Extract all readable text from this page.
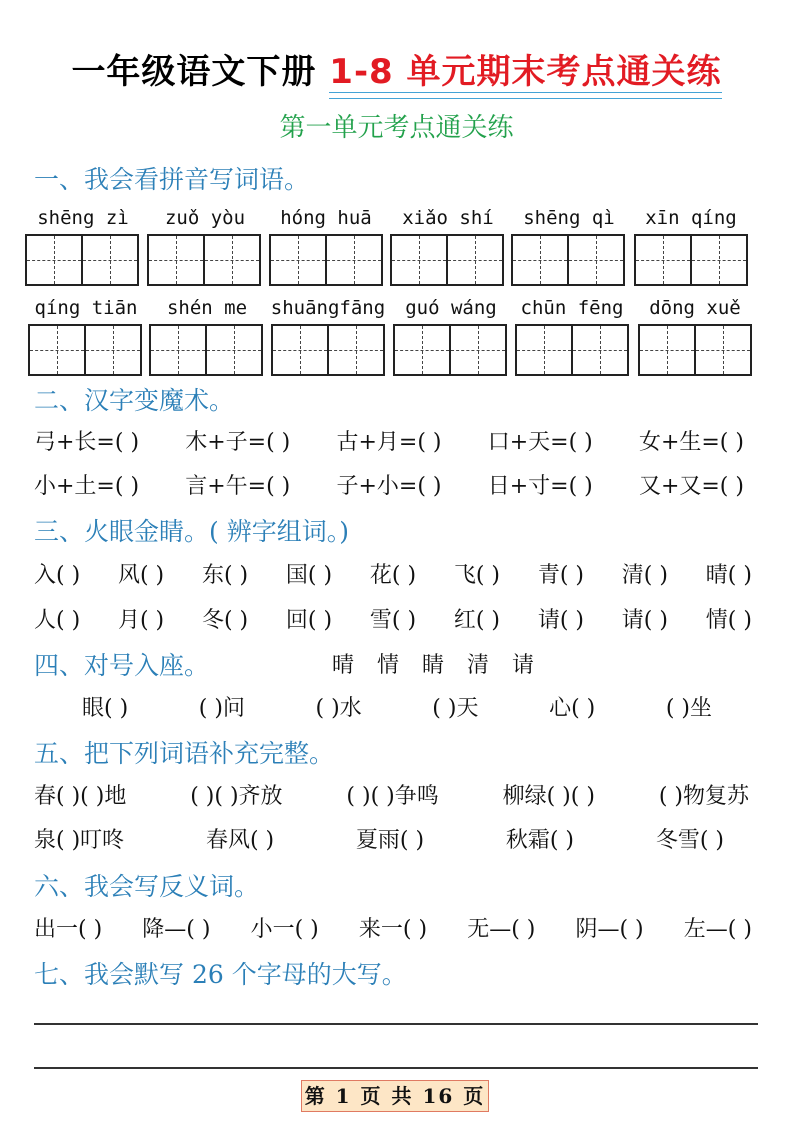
一年级语文下册 1-8 单元期末考点通关练
第一单元考点通关练
一、我会看拼音写词语。
shēng zì	zuǒ yòu	hóng huā	xiǎo shí	shēng qì	xīn qíng
qíng tiān	shén me	shuāngfāng	guó wáng	chūn fēng	dōng xuě
二、汉字变魔术。
弓+长=( ) 木+子=( ) 古+月=( ) 口+天=( ) 女+生=( )
小+土=( ) 言+午=( ) 子+小=( ) 日+寸=( ) 又+又=( )
三、火眼金睛。( 辨字组词。)
入( ) 风( ) 东( ) 国( ) 花( ) 飞( ) 青( ) 清( ) 晴( )
人( ) 月( ) 冬( ) 回( ) 雪( ) 红( ) 请( ) 请( ) 情( )
四、对号入座。	晴 情 睛 清 请
眼( )	( )问	( )水	( )天	心( )	( )坐
五、把下列词语补充完整。
春( )( )地	( )( )齐放	( )( )争鸣	柳绿( )( )	( )物复苏
泉( )叮咚	春风( )	夏雨( )	秋霜( )	冬雪( )
六、我会写反义词。
出一( ) 降—( ) 小一( ) 来一( ) 无—( ) 阴—( ) 左—( )
七、我会默写 26 个字母的大写。
第 1 页 共 16 页
